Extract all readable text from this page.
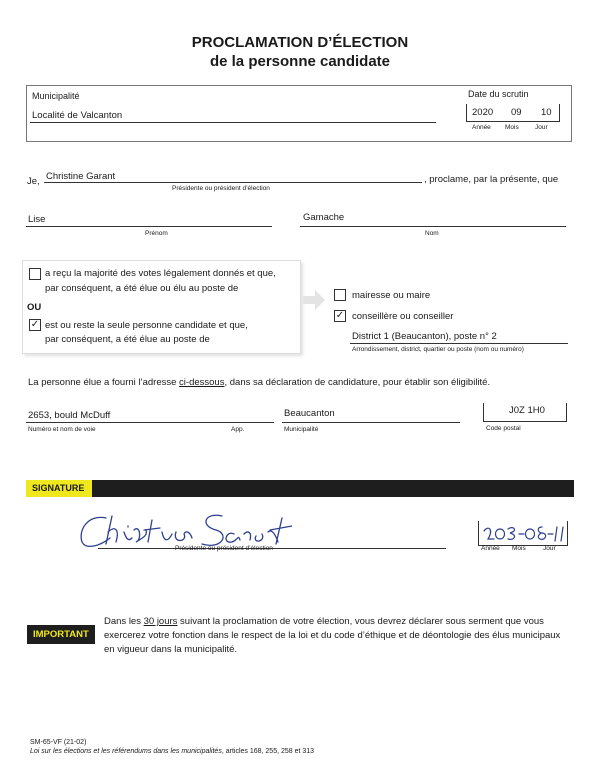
PROCLAMATION D’ÉLECTION
de la personne candidate
Municipalité
Localité de Valcanton
Date du scrutin
2020 09 10
Année Mois	Jour
Je, Christine Garant	, proclame, par la présente, que
Présidente ou président d’élection
Lise
Prénom
Gamache
Nom
a reçu la majorité des votes légalement donnés et que,
par conséquent, a été élue ou élu au poste de
OU
✓ est ou reste la seule personne candidate et que,
par conséquent, a été élue au poste de
mairesse ou maire
✓ conseillère ou conseiller
District 1 (Beaucanton), poste n° 2
Arrondissement, district, quartier ou poste (nom ou numéro)
La personne élue a fourni l’adresse ci-dessous, dans sa déclaration de candidature, pour établir son éligibilité.
2653, bould McDuff
Numéro et nom de voie	App.
Beaucanton
Municipalité
J0Z 1H0
Code postal
SIGNATURE
Présidente ou président d’élection	Année Mois	Jour
IMPORTANT
Dans les 30 jours suivant la proclamation de votre élection, vous devrez déclarer sous serment que vous
exercerez votre fonction dans le respect de la loi et du code d’éthique et de déontologie des élus municipaux
en vigueur dans la municipalité.
SM-65-VF (21-02)
Loi sur les élections et les référendums dans les municipalités, articles 168, 255, 258 et 313
